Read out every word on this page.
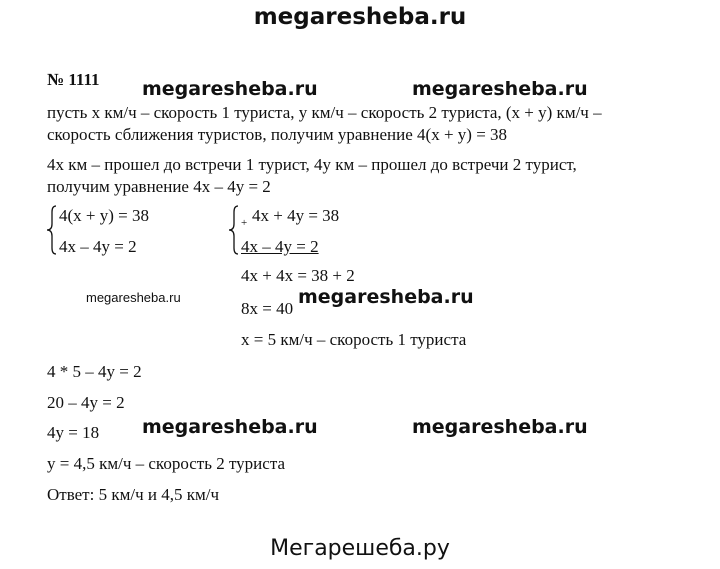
megaresheba.ru
Мегарешеба.ру
megaresheba.ru	megaresheba.ru
megaresheba.ru	megaresheba.ru
megaresheba.ru	megaresheba.ru
№ 1111
пусть х км/ч – скорость 1 туриста, у км/ч – скорость 2 туриста, (х + у) км/ч –
скорость сближения туристов, получим уравнение 4(х + у) = 38
4х км – прошел до встречи 1 турист, 4у км – прошел до встречи 2 турист,
получим уравнение 4х – 4у = 2
4(х + у) = 38
4х – 4у = 2
+ 4х + 4у = 38
4х – 4у = 2
4х + 4х = 38 + 2
8х = 40
х = 5 км/ч – скорость 1 туриста
4 * 5 – 4у = 2
20 – 4у = 2
4у = 18
у = 4,5 км/ч – скорость 2 туриста
Ответ: 5 км/ч и 4,5 км/ч
